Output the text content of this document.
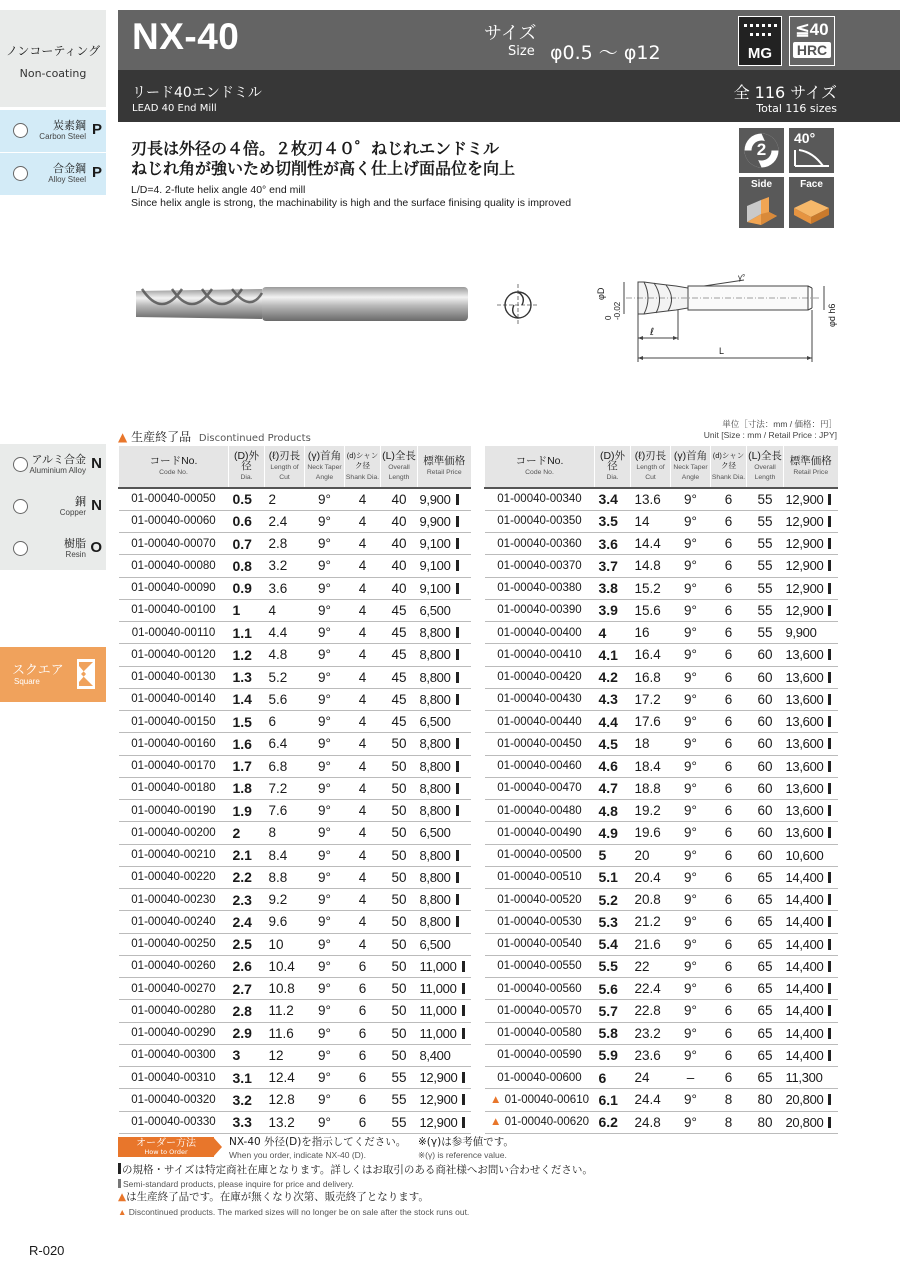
ノンコーティング
Non-coating
炭素鋼
Carbon Steel P
合金鋼
Alloy Steel P
アルミ合金
Aluminium Alloy N
銅
Copper N
樹脂
Resin O
スクエア
Square
NX-40	サイズ
Size φ0.5 ～ φ12	MG
≦40
HRC
リード40エンドミル
LEAD 40 End Mill
全 116 サイズ
Total 116 sizes
刃長は外径の４倍。２枚刃４０゜ねじれエンドミル
ねじれ角が強いため切削性が高く仕上げ面品位を向上
L/D=4. 2-flute helix angle 40° end mill
Since helix angle is strong, the machinability is high and the surface finising quality is improved
2
40°
Side	Face
φD
0 -0.02	φd h6
γ°
ℓ
L
▲ 生産終了品 Discontinued Products
単位［寸法：mm / 価格：円］
Unit [Size : mm / Retail Price : JPY]
コードNo.
Code No.	(D)外径
Dia.	(ℓ)刃長
Length of Cut	(γ)首角
Neck Taper Angle	(d)シャンク径
Shank Dia.	(L)全長
Overall Length	標準価格
Retail Price

01-00040-00050	0.5	2	9°	4	40	9,900
01-00040-00060	0.6	2.4	9°	4	40	9,900
01-00040-00070	0.7	2.8	9°	4	40	9,100
01-00040-00080	0.8	3.2	9°	4	40	9,100
01-00040-00090	0.9	3.6	9°	4	40	9,100
01-00040-00100	1	4	9°	4	45	6,500
01-00040-00110	1.1	4.4	9°	4	45	8,800
01-00040-00120	1.2	4.8	9°	4	45	8,800
01-00040-00130	1.3	5.2	9°	4	45	8,800
01-00040-00140	1.4	5.6	9°	4	45	8,800
01-00040-00150	1.5	6	9°	4	45	6,500
01-00040-00160	1.6	6.4	9°	4	50	8,800
01-00040-00170	1.7	6.8	9°	4	50	8,800
01-00040-00180	1.8	7.2	9°	4	50	8,800
01-00040-00190	1.9	7.6	9°	4	50	8,800
01-00040-00200	2	8	9°	4	50	6,500
01-00040-00210	2.1	8.4	9°	4	50	8,800
01-00040-00220	2.2	8.8	9°	4	50	8,800
01-00040-00230	2.3	9.2	9°	4	50	8,800
01-00040-00240	2.4	9.6	9°	4	50	8,800
01-00040-00250	2.5	10	9°	4	50	6,500
01-00040-00260	2.6	10.4	9°	6	50	11,000
01-00040-00270	2.7	10.8	9°	6	50	11,000
01-00040-00280	2.8	11.2	9°	6	50	11,000
01-00040-00290	2.9	11.6	9°	6	50	11,000
01-00040-00300	3	12	9°	6	50	8,400
01-00040-00310	3.1	12.4	9°	6	55	12,900
01-00040-00320	3.2	12.8	9°	6	55	12,900
01-00040-00330	3.3	13.2	9°	6	55	12,900
コードNo.
Code No.	(D)外径
Dia.	(ℓ)刃長
Length of Cut	(γ)首角
Neck Taper Angle	(d)シャンク径
Shank Dia.	(L)全長
Overall Length	標準価格
Retail Price

01-00040-00340	3.4	13.6	9°	6	55	12,900
01-00040-00350	3.5	14	9°	6	55	12,900
01-00040-00360	3.6	14.4	9°	6	55	12,900
01-00040-00370	3.7	14.8	9°	6	55	12,900
01-00040-00380	3.8	15.2	9°	6	55	12,900
01-00040-00390	3.9	15.6	9°	6	55	12,900
01-00040-00400	4	16	9°	6	55	9,900
01-00040-00410	4.1	16.4	9°	6	60	13,600
01-00040-00420	4.2	16.8	9°	6	60	13,600
01-00040-00430	4.3	17.2	9°	6	60	13,600
01-00040-00440	4.4	17.6	9°	6	60	13,600
01-00040-00450	4.5	18	9°	6	60	13,600
01-00040-00460	4.6	18.4	9°	6	60	13,600
01-00040-00470	4.7	18.8	9°	6	60	13,600
01-00040-00480	4.8	19.2	9°	6	60	13,600
01-00040-00490	4.9	19.6	9°	6	60	13,600
01-00040-00500	5	20	9°	6	60	10,600
01-00040-00510	5.1	20.4	9°	6	65	14,400
01-00040-00520	5.2	20.8	9°	6	65	14,400
01-00040-00530	5.3	21.2	9°	6	65	14,400
01-00040-00540	5.4	21.6	9°	6	65	14,400
01-00040-00550	5.5	22	9°	6	65	14,400
01-00040-00560	5.6	22.4	9°	6	65	14,400
01-00040-00570	5.7	22.8	9°	6	65	14,400
01-00040-00580	5.8	23.2	9°	6	65	14,400
01-00040-00590	5.9	23.6	9°	6	65	14,400
01-00040-00600	6	24	–	6	65	11,300
▲ 01-00040-00610	6.1	24.4	9°	8	80	20,800
▲ 01-00040-00620	6.2	24.8	9°	8	80	20,800
オーダー方法
How to Order
NX-40 外径(D)を指示してください。
When you order, indicate NX-40 (D).
※(γ)は参考値です。
※(γ) is reference value.
の規格・サイズは特定商社在庫となります。詳しくはお取引のある商社様へお問い合わせください。
Semi-standard products, please inquire for price and delivery.
▲は生産終了品です。在庫が無くなり次第、販売終了となります。
▲ Discontinued products. The marked sizes will no longer be on sale after the stock runs out.
R-020
